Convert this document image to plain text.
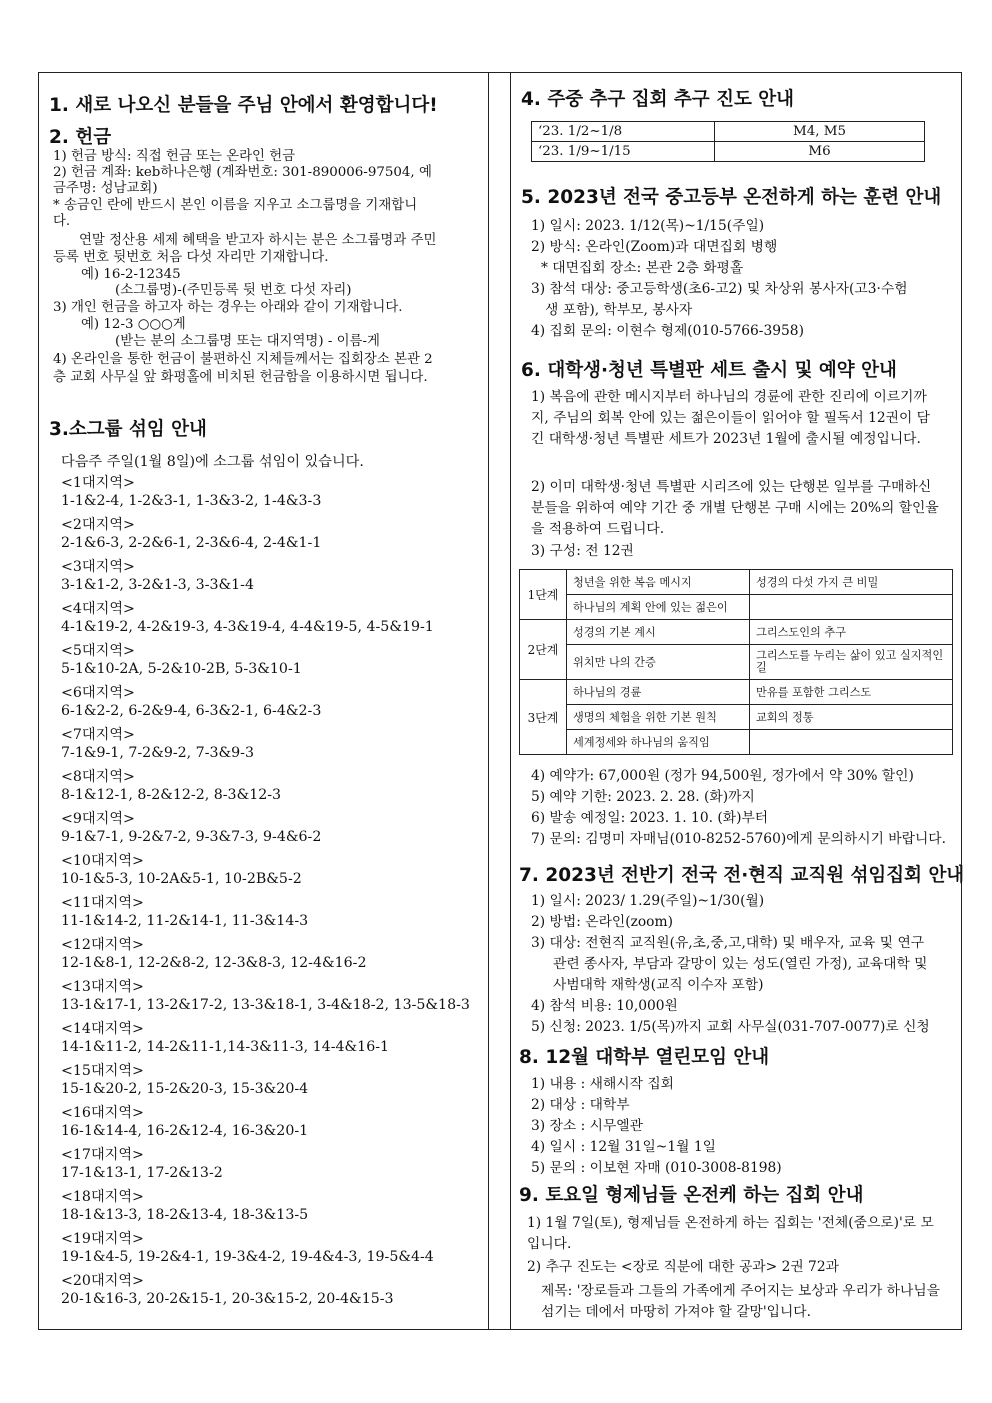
1. 새로 나오신 분들을 주님 안에서 환영합니다!
2. 헌금
1) 헌금 방식: 직접 헌금 또는 온라인 헌금
2) 헌금 계좌: keb하나은행 (계좌번호: 301-890006-97504, 예
금주명: 성남교회)
* 송금인 란에 반드시 본인 이름을 지우고 소그룹명을 기재합니
다.
연말 정산용 세제 혜택을 받고자 하시는 분은 소그룹명과 주민
등록 번호 뒷번호 처음 다섯 자리만 기재합니다.
예) 16-2-12345
(소그룹명)-(주민등록 뒷 번호 다섯 자리)
3) 개인 헌금을 하고자 하는 경우는 아래와 같이 기재합니다.
예) 12-3 ○○○게
(받는 분의 소그룹명 또는 대지역명) - 이름-게
4) 온라인을 통한 헌금이 불편하신 지체들께서는 집회장소 본관 2
층 교회 사무실 앞 화평홀에 비치된 헌금함을 이용하시면 됩니다.
3.소그룹 섞임 안내
다음주 주일(1월 8일)에 소그룹 섞임이 있습니다.
<1대지역>
1-1&2-4, 1-2&3-1, 1-3&3-2, 1-4&3-3
<2대지역>
2-1&6-3, 2-2&6-1, 2-3&6-4, 2-4&1-1
<3대지역>
3-1&1-2, 3-2&1-3, 3-3&1-4
<4대지역>
4-1&19-2, 4-2&19-3, 4-3&19-4, 4-4&19-5, 4-5&19-1
<5대지역>
5-1&10-2A, 5-2&10-2B, 5-3&10-1
<6대지역>
6-1&2-2, 6-2&9-4, 6-3&2-1, 6-4&2-3
<7대지역>
7-1&9-1, 7-2&9-2, 7-3&9-3
<8대지역>
8-1&12-1, 8-2&12-2, 8-3&12-3
<9대지역>
9-1&7-1, 9-2&7-2, 9-3&7-3, 9-4&6-2
<10대지역>
10-1&5-3, 10-2A&5-1, 10-2B&5-2
<11대지역>
11-1&14-2, 11-2&14-1, 11-3&14-3
<12대지역>
12-1&8-1, 12-2&8-2, 12-3&8-3, 12-4&16-2
<13대지역>
13-1&17-1, 13-2&17-2, 13-3&18-1, 3-4&18-2, 13-5&18-3
<14대지역>
14-1&11-2, 14-2&11-1,14-3&11-3, 14-4&16-1
<15대지역>
15-1&20-2, 15-2&20-3, 15-3&20-4
<16대지역>
16-1&14-4, 16-2&12-4, 16-3&20-1
<17대지역>
17-1&13-1, 17-2&13-2
<18대지역>
18-1&13-3, 18-2&13-4, 18-3&13-5
<19대지역>
19-1&4-5, 19-2&4-1, 19-3&4-2, 19-4&4-3, 19-5&4-4
<20대지역>
20-1&16-3, 20-2&15-1, 20-3&15-2, 20-4&15-3
4. 주중 추구 집회 추구 진도 안내
‘23. 1/2~1/8	M4, M5
‘23. 1/9~1/15	M6
5. 2023년 전국 중고등부 온전하게 하는 훈련 안내
1) 일시: 2023. 1/12(목)~1/15(주일)
2) 방식: 온라인(Zoom)과 대면집회 병행
* 대면집회 장소: 본관 2층 화평홀
3) 참석 대상: 중고등학생(초6-고2) 및 차상위 봉사자(고3·수험
생 포함), 학부모, 봉사자
4) 집회 문의: 이현수 형제(010-5766-3958)
6. 대학생·청년 특별판 세트 출시 및 예약 안내
1) 복음에 관한 메시지부터 하나님의 경륜에 관한 진리에 이르기까지, 주님의 회복 안에 있는 젊은이들이 읽어야 할 필독서 12권이 담긴 대학생·청년 특별판 세트가 2023년 1월에 출시될 예정입니다.
2) 이미 대학생·청년 특별판 시리즈에 있는 단행본 일부를 구매하신 분들을 위하여 예약 기간 중 개별 단행본 구매 시에는 20%의 할인율을 적용하여 드립니다.
3) 구성: 전 12권
1단계	청년을 위한 복음 메시지	성경의 다섯 가지 큰 비밀
	하나님의 계획 안에 있는 젊은이	
2단계	성경의 기본 계시	그리스도인의 추구
	위치만 나의 간증	그리스도를 누리는 삶이 있고 실지적인 길
3단계	하나님의 경륜	만유를 포함한 그리스도
	생명의 체험을 위한 기본 원칙	교회의 정통
	세계정세와 하나님의 움직임	
4) 예약가: 67,000원 (정가 94,500원, 정가에서 약 30% 할인)
5) 예약 기한: 2023. 2. 28. (화)까지
6) 발송 예정일: 2023. 1. 10. (화)부터
7) 문의: 김명미 자매님(010-8252-5760)에게 문의하시기 바랍니다.
7. 2023년 전반기 전국 전·현직 교직원 섞임집회 안내
1) 일시: 2023/ 1.29(주일)~1/30(월)
2) 방법: 온라인(zoom)
3) 대상: 전현직 교직원(유,초,중,고,대학) 및 배우자, 교육 및 연구
관련 종사자, 부담과 갈망이 있는 성도(열린 가정), 교육대학 및
사범대학 재학생(교직 이수자 포함)
4) 참석 비용: 10,000원
5) 신청: 2023. 1/5(목)까지 교회 사무실(031-707-0077)로 신청
8. 12월 대학부 열린모임 안내
1) 내용 : 새해시작 집회
2) 대상 : 대학부
3) 장소 : 시무엘관
4) 일시 : 12월 31일~1월 1일
5) 문의 : 이보현 자매 (010-3008-8198)
9. 토요일 형제님들 온전케 하는 집회 안내
1) 1월 7일(토), 형제님들 온전하게 하는 집회는 '전체(줌으로)'로 모입니다.
2) 추구 진도는 <장로 직분에 대한 공과> 2권 72과
제목: '장로들과 그들의 가족에게 주어지는 보상과 우리가 하나님을 섬기는 데에서 마땅히 가져야 할 갈망'입니다.
